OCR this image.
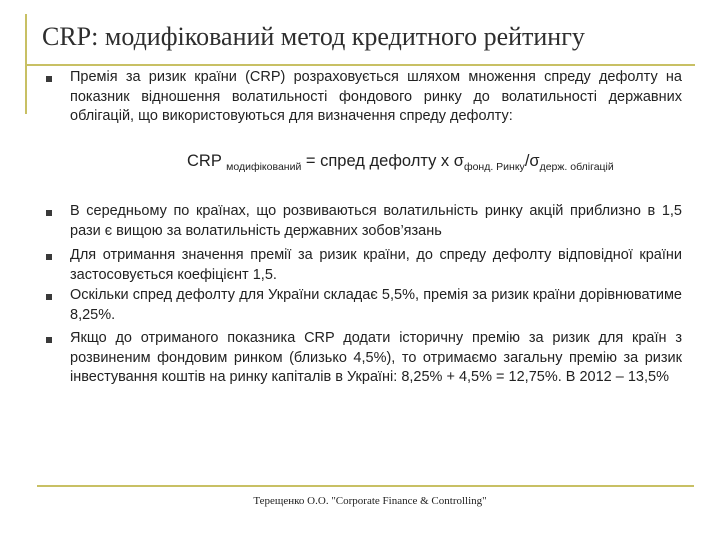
CRP: модифікований метод кредитного рейтингу
Премія за ризик країни (CRP) розраховується шляхом множення спреду дефолту на показник відношення волатильності фондового ринку до волатильності державних облігацій, що використовуються для визначення спреду дефолту:
CRP $_{модифікований}$ = спред дефолту х $\sigma_{фонд. Ринку}/\sigma_{держ. облігацій}$
В середньому по країнах, що розвиваються волатильність ринку акцій приблизно в 1,5 рази є вищою за волатильність державних зобов’язань
Для отримання значення премії за ризик країни, до спреду дефолту відповідної країни застосовується коефіцієнт 1,5.
Оскільки спред дефолту для України складає 5,5%, премія за ризик країни дорівнюватиме 8,25%.
Якщо до отриманого показника CRP додати історичну премію за ризик для країн з розвиненим фондовим ринком (близько 4,5%), то отримаємо загальну премію за ризик інвестування коштів на ринку капіталів в Україні: 8,25% + 4,5% = 12,75%. В 2012 – 13,5%
Терещенко О.О. "Corporate Finance & Controlling"
